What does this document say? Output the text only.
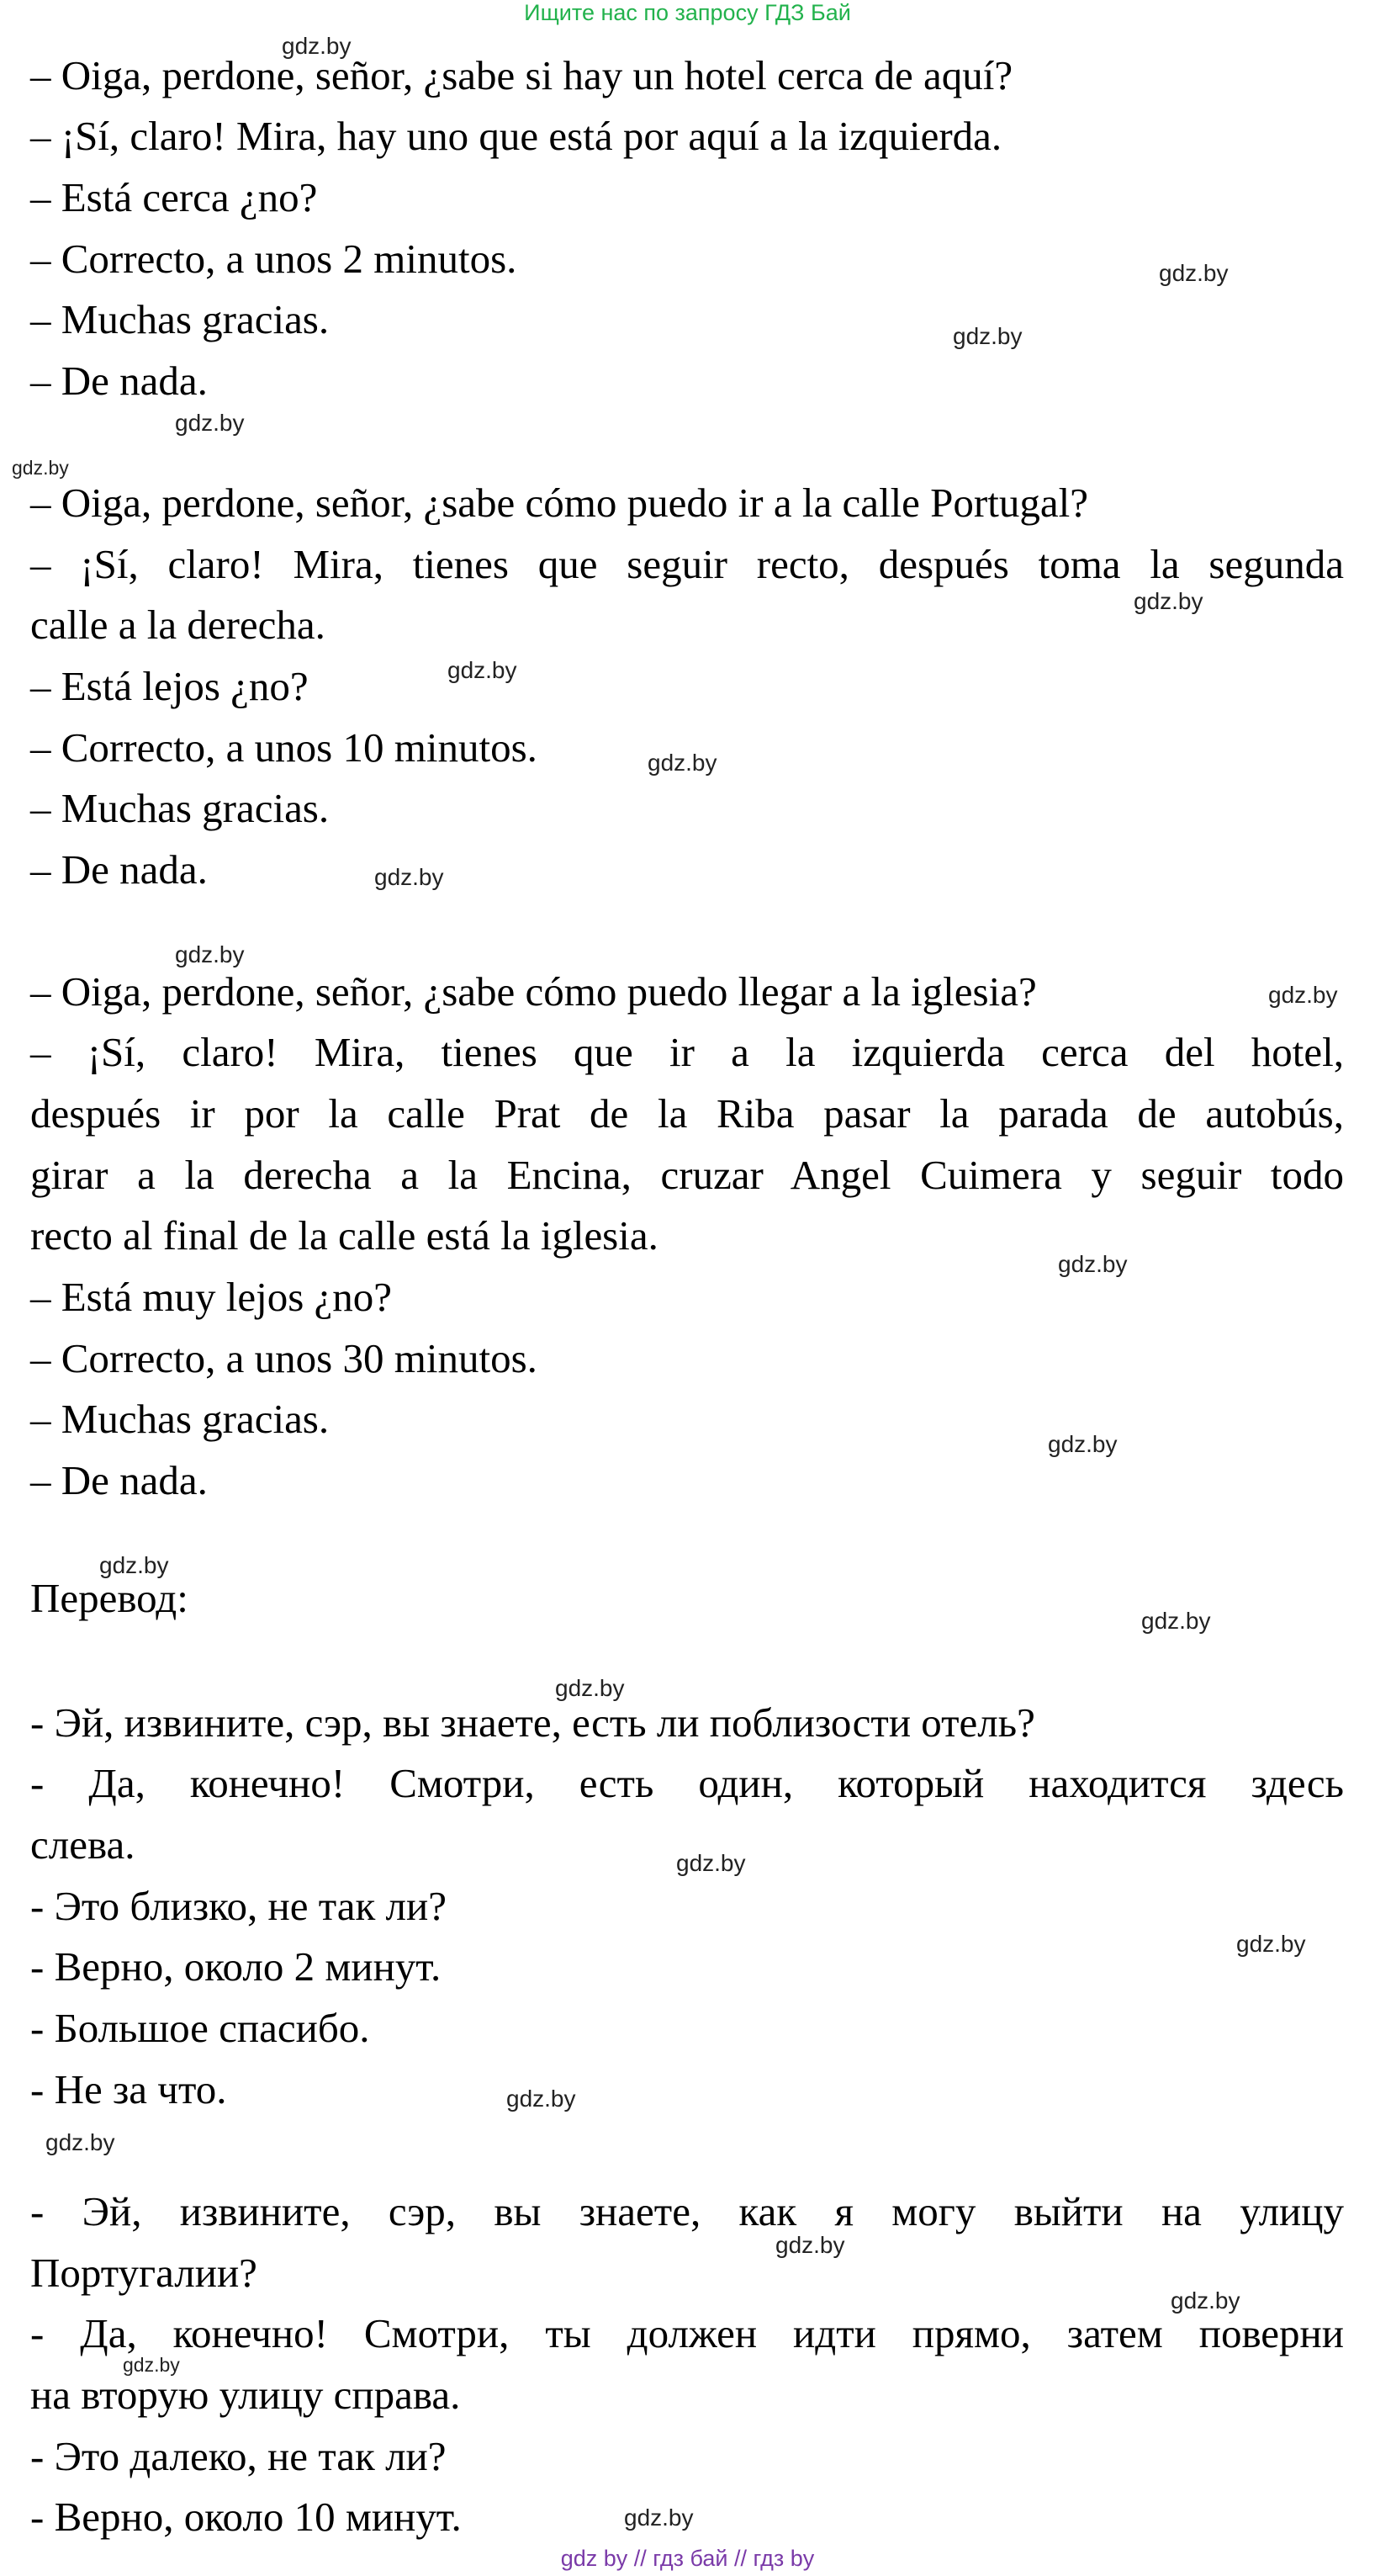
Ищите нас по запросу ГДЗ Бай
– Oiga, perdone, señor, ¿sabe si hay un hotel cerca de aquí?
– ¡Sí, claro! Mira, hay uno que está por aquí a la izquierda.
– Está cerca ¿no?
– Correcto, a unos 2 minutos.
– Muchas gracias.
– De nada.
– Oiga, perdone, señor, ¿sabe cómo puedo ir a la calle Portugal?
– ¡Sí, claro! Mira, tienes que seguir recto, después toma la segunda
calle a la derecha.
– Está lejos ¿no?
– Correcto, a unos 10 minutos.
– Muchas gracias.
– De nada.
– Oiga, perdone, señor, ¿sabe cómo puedo llegar a la iglesia?
– ¡Sí, claro! Mira, tienes que ir a la izquierda cerca del hotel,
después ir por la calle Prat de la Riba pasar la parada de autobús,
girar a la derecha a la Encina, cruzar Angel Cuimera y seguir todo
recto al final de la calle está la iglesia.
– Está muy lejos ¿no?
– Correcto, a unos 30 minutos.
– Muchas gracias.
– De nada.
Перевод:
- Эй, извините, сэр, вы знаете, есть ли поблизости отель?
- Да, конечно! Смотри, есть один, который находится здесь
слева.
- Это близко, не так ли?
- Верно, около 2 минут.
- Большое спасибо.
- Не за что.
- Эй, извините, сэр, вы знаете, как я могу выйти на улицу
Португалии?
- Да, конечно! Смотри, ты должен идти прямо, затем поверни
на вторую улицу справа.
- Это далеко, не так ли?
- Верно, около 10 минут.
gdz.by
gdz.by
gdz.by
gdz.by
gdz.by
gdz.by
gdz.by
gdz.by
gdz.by
gdz.by
gdz.by
gdz.by
gdz.by
gdz.by
gdz.by
gdz.by
gdz.by
gdz.by
gdz.by
gdz.by
gdz.by
gdz.by
gdz.by
gdz.by
gdz by // гдз бай // гдз by
